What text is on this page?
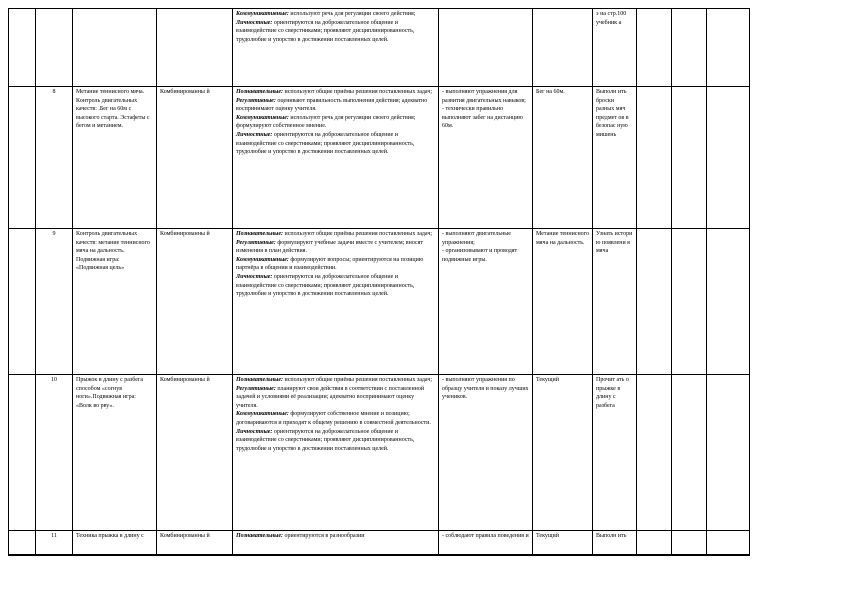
				Коммуникативные: используют речь для регуляции своего действия;
Личностные: ориентируются на доброжелательное общение и взаимодействие со сверстниками; проявляют дисциплинированность, трудолюбие и упорство в достижении поставленных целей.			э на стр.100 учебник а			
	8	Метание теннисного мяча. Контроль двигательных качеств: .Бег на 60м с высокого старта. Эстафеты с бегом и метанием.	Комбинированны й	Познавательные: используют общие приёмы решения поставленных задач;
Регулятивные: оценивают правильность выполнения действия; адекватно воспринимают оценку учителя.
Коммуникативные: используют речь для регуляции своего действия; формулируют собственное мнение.
Личностные: ориентируются на доброжелательное общение и взаимодействие со сверстниками; проявляют дисциплинированность, трудолюбие и упорство в достижении поставленных целей.	- выполняют упражнения для развития двигательных навыков;
- технически правильно выполняют забег на дистанцию 60м.	Бег на 60м.	Выполн ить броски разных мяч предмет ов в безопас ную мишень			
	9	Контроль двигательных качеств: метание теннисного мяча на дальность. Подвижная игра: «Подвижная цель»	Комбинированны й	Познавательные: используют общие приёмы решения поставленных задач;
Регулятивные: формулируют учебные задачи вместе с учителем; вносят изменения в план действия.
Коммуникативные: формулируют вопросы; ориентируются на позицию партнёра в общении и взаимодействии.
Личностные: ориентируются на доброжелательное общение и взаимодействие со сверстниками; проявляют дисциплинированность, трудолюбие и упорство в достижении поставленных целей.	- выполняют двигательные упражнения;
- организовывают и проводят подвижные игры.	Метание теннисного мяча на дальность.	Узнать истори ю появлени я мяча			
	10	Прыжок в длину с разбега способом «согнув ноги».Подвижная игра: «Волк во рву».	Комбинированны й	Познавательные: используют общие приёмы решения поставленных задач;
Регулятивные: планируют свои действия в соответствии с поставленной задачей и условиями её реализации; адекватно воспринимают оценку учителя.
Коммуникативные: формулируют собственное мнение и позицию; договариваются и приходят к общему решению в совместной деятельности.
Личностные: ориентируются на доброжелательное общение и взаимодействие со сверстниками; проявляют дисциплинированность, трудолюбие и упорство в достижении поставленных целей.	- выполняют упражнения по образцу учителя и показу лучших учеников.	Текущий	Прочит ать о прыжке в длину с разбега			
	11	Техника прыжка в длину с	Комбинированны й	Познавательные: ориентируются в разнообразии	- соблюдают правила поведения и	Текущий	Выполн ить			
